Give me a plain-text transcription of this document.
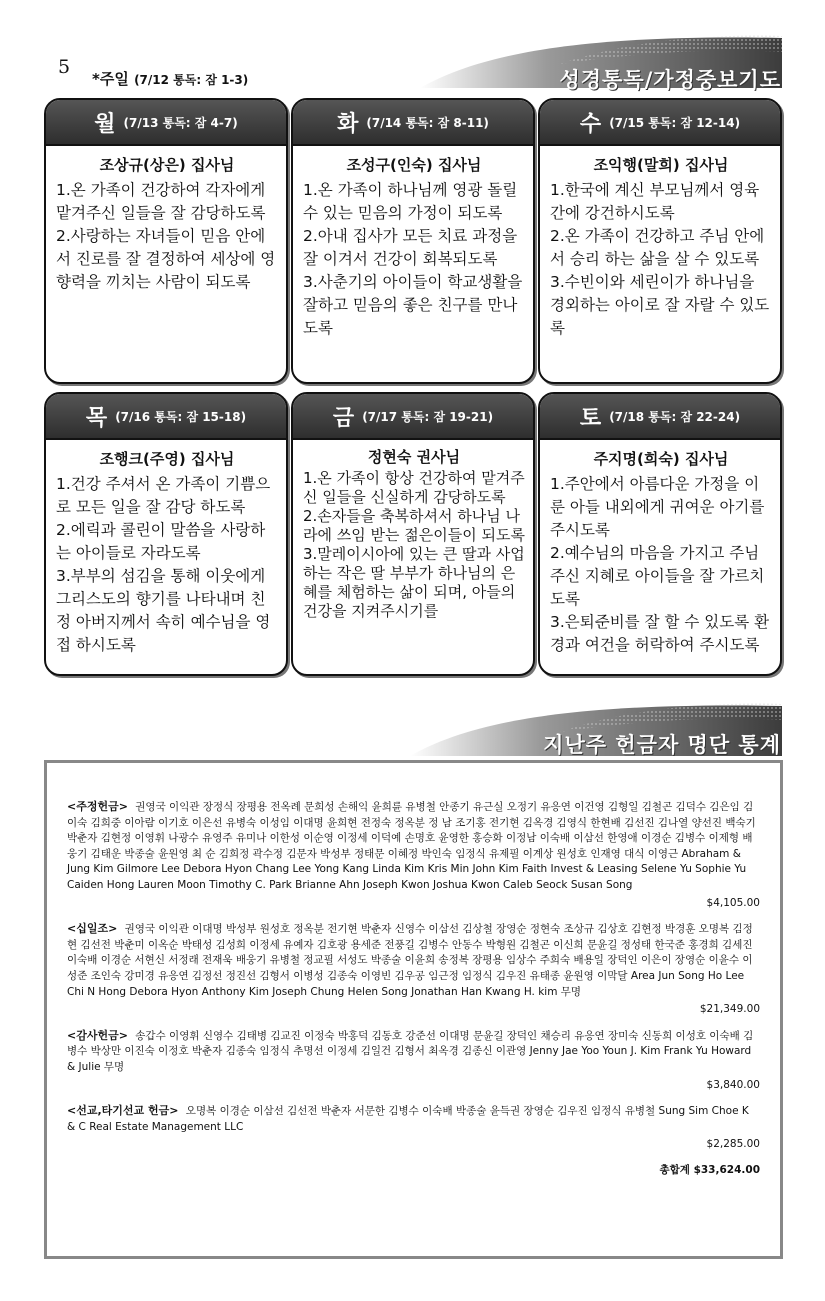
5
*주일 (7/12 통독: 잠 1-3)	성경통독/가정중보기도
월 (7/13 통독: 잠 4-7)
조상규(상은) 집사님
1.온 가족이 건강하여 각자에게 맡겨주신 일들을 잘 감당하도록
2.사랑하는 자녀들이 믿음 안에서 진로를 잘 결정하여 세상에 영향력을 끼치는 사람이 되도록
화 (7/14 통독: 잠 8-11)
조성구(인숙) 집사님
1.온 가족이 하나님께 영광 돌릴 수 있는 믿음의 가정이 되도록
2.아내 집사가 모든 치료 과정을 잘 이겨서 건강이 회복되도록
3.사춘기의 아이들이 학교생활을 잘하고 믿음의 좋은 친구를 만나도록
수 (7/15 통독: 잠 12-14)
조익행(말희) 집사님
1.한국에 계신 부모님께서 영육간에 강건하시도록
2.온 가족이 건강하고 주님 안에서 승리 하는 삶을 살 수 있도록
3.수빈이와 세린이가 하나님을 경외하는 아이로 잘 자랄 수 있도록
목 (7/16 통독: 잠 15-18)
조행크(주영) 집사님
1.건강 주셔서 온 가족이 기쁨으로 모든 일을 잘 감당 하도록
2.에릭과 콜린이 말씀을 사랑하는 아이들로 자라도록
3.부부의 섬김을 통해 이웃에게 그리스도의 향기를 나타내며 친정 아버지께서 속히 예수님을 영접 하시도록
금 (7/17 통독: 잠 19-21)
정현숙 권사님
1.온 가족이 항상 건강하여 맡겨주신 일들을 신실하게 감당하도록
2.손자들을 축복하셔서 하나님 나라에 쓰임 받는 젊은이들이 되도록
3.말레이시아에 있는 큰 딸과 사업하는 작은 딸 부부가 하나님의 은혜를 체험하는 삶이 되며, 아들의 건강을 지켜주시기를
토 (7/18 통독: 잠 22-24)
주지명(희숙) 집사님
1.주안에서 아름다운 가정을 이룬 아들 내외에게 귀여운 아기를 주시도록
2.예수님의 마음을 가지고 주님 주신 지혜로 아이들을 잘 가르치도록
3.은퇴준비를 잘 할 수 있도록 환경과 여건을 허락하여 주시도록
지난주 헌금자 명단 통계
<주정헌금> 권영국 이익관 장정식 장평용 전옥례 문희성 손해익 윤희륜 유병철 안종기 유근실 오정기 유응연 이건영 김형일 김철곤 김덕수 김은임 김이숙 김희중 이아람 이기호 이은선 유병숙 이성임 이대명 윤희현 전정숙 정옥분 정 남 조기홍 전기현 김옥경 김영식 한현배 김선진 김나열 양선진 백숙기 박춘자 김현정 이영휘 나광수 유영주 유미나 이한성 이순영 이정세 이덕예 손명호 윤영한 홍승화 이정남 이숙배 이삼선 한영애 이경순 김병수 이제형 배웅기 김태운 박종술 윤원영 최 순 김희정 곽수정 김문자 박성부 정태문 이혜정 박인숙 임정식 유제필 이계상 원성호 인재영 대식 이영근 Abraham & Jung Kim Gilmore Lee Debora Hyon Chang Lee Yong Kang Linda Kim Kris Min John Kim Faith Invest & Leasing Selene Yu Sophie Yu Caiden Hong Lauren Moon Timothy C. Park Brianne Ahn Joseph Kwon Joshua Kwon Caleb Seock Susan Song
$4,105.00
<십일조> 권영국 이익관 이대명 박성부 원성호 정옥분 전기현 박춘자 신영수 이삼선 김상철 장영순 정현숙 조상규 김상호 김현정 박경훈 오명복 김정현 김선전 박춘미 이옥순 박태성 김성희 이정세 유예자 김호광 용세준 전풍길 김병수 안동수 박형원 김철곤 이신희 문윤길 정성태 한국준 홍경희 김세진 이숙배 이경순 서현신 서정래 전재욱 배웅기 유병철 정교필 서성도 박종술 이윤희 송정복 장평용 임상수 주희숙 배용일 장덕인 이은이 장영순 이윤수 이성준 조인숙 강미경 유응연 김정선 정진선 김형서 이병성 김종숙 이영빈 김우공 임근정 임정식 김우진 유태종 윤원영 이막달 Area Jun Song Ho Lee Chi N Hong Debora Hyon Anthony Kim Joseph Chung Helen Song Jonathan Han Kwang H. kim 무명
$21,349.00
<감사헌금> 송갑수 이영휘 신영수 김태병 김교진 이정숙 박홍덕 김동호 강준선 이대명 문윤길 장덕인 채승리 유응연 장미숙 신동희 이성호 이숙배 김병수 박상만 이진숙 이정호 박춘자 김종숙 임정식 추명선 이정세 김일건 김형서 최옥경 김종신 이관영 Jenny Jae Yoo Youn J. Kim Frank Yu Howard & Julie 무명
$3,840.00
<선교,타기선교 헌금> 오명복 이경순 이삼선 김선전 박춘자 서문한 김병수 이숙배 박종술 윤득권 장영순 김우진 임정식 유병철 Sung Sim Choe K & C Real Estate Management LLC
$2,285.00
총합계 $33,624.00
